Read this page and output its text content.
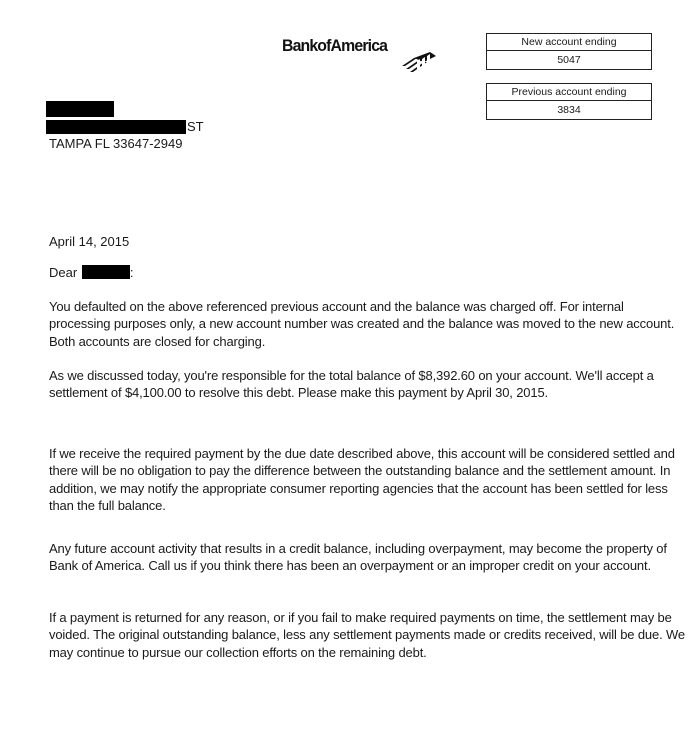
BankofAmerica	New account ending
5047
Previous account ending
3834
ST
TAMPA FL 33647-2949
April 14, 2015
Dear	:
You defaulted on the above referenced previous account and the balance was charged off. For internal processing purposes only, a new account number was created and the balance was moved to the new account. Both accounts are closed for charging.
As we discussed today, you're responsible for the total balance of $8,392.60 on your account. We'll accept a settlement of $4,100.00 to resolve this debt. Please make this payment by April 30, 2015.
If we receive the required payment by the due date described above, this account will be considered settled and there will be no obligation to pay the difference between the outstanding balance and the settlement amount. In addition, we may notify the appropriate consumer reporting agencies that the account has been settled for less than the full balance.
Any future account activity that results in a credit balance, including overpayment, may become the property of Bank of America. Call us if you think there has been an overpayment or an improper credit on your account.
If a payment is returned for any reason, or if you fail to make required payments on time, the settlement may be voided. The original outstanding balance, less any settlement payments made or credits received, will be due. We may continue to pursue our collection efforts on the remaining debt.
